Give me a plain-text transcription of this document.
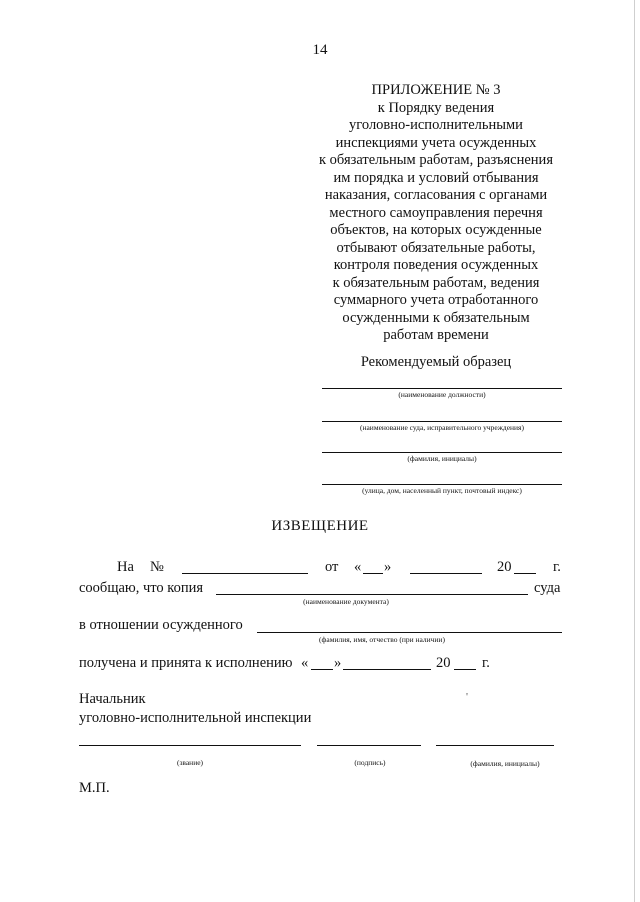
14
ПРИЛОЖЕНИЕ № 3
к Порядку ведения
уголовно-исполнительными
инспекциями учета осужденных
к обязательным работам, разъяснения
им порядка и условий отбывания
наказания, согласования с органами
местного самоуправления перечня
объектов, на которых осужденные
отбывают обязательные работы,
контроля поведения осужденных
к обязательным работам, ведения
суммарного учета отработанного
осужденными к обязательным
работам времени
Рекомендуемый образец
(наименование должности)
(наименование суда, исправительного учреждения)
(фамилия, инициалы)
(улица, дом, населенный пункт, почтовый индекс)
ИЗВЕЩЕНИЕ
На №	от « »	20	г.
сообщаю, что копия	суда
(наименование документа)
в отношении осужденного
(фамилия, имя, отчество (при наличии)
получена и принята к исполнению « »	20 г.
Начальник
уголовно-исполнительной инспекции
'
(звание)	(подпись)	(фамилия, инициалы)
М.П.
